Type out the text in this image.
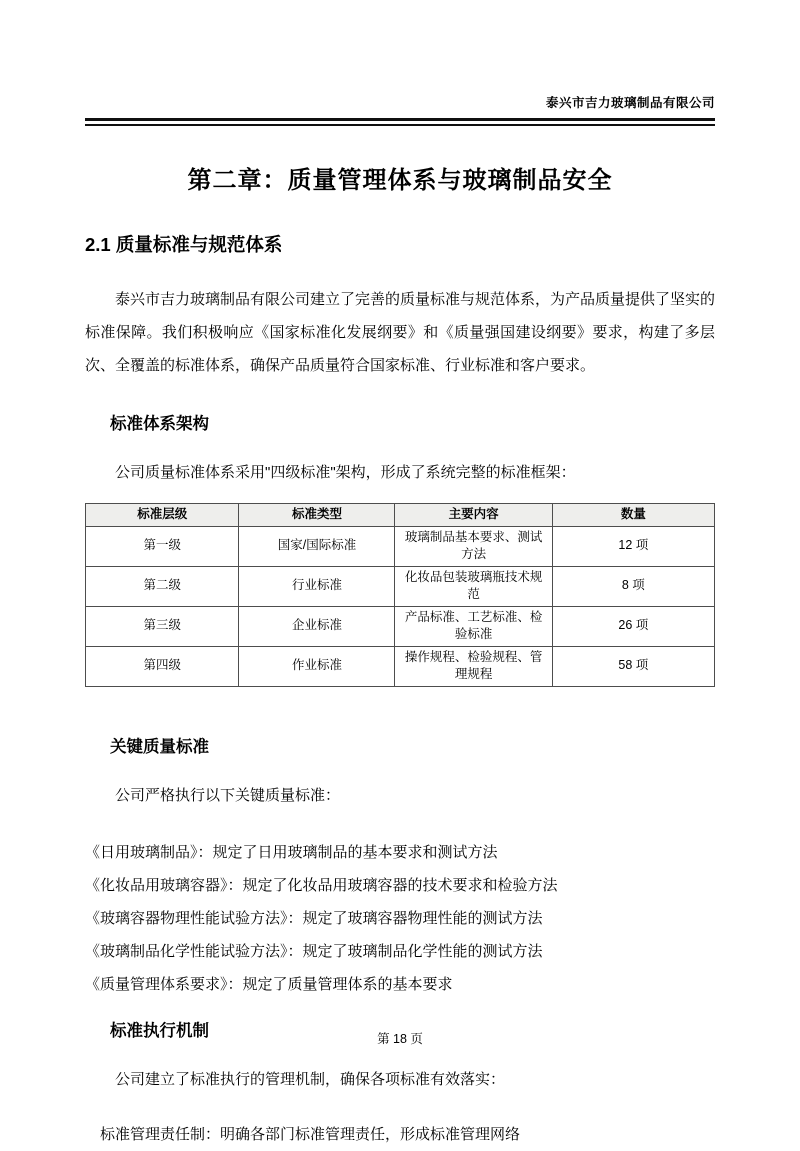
泰兴市吉力玻璃制品有限公司
第二章：质量管理体系与玻璃制品安全
2.1 质量标准与规范体系

泰兴市吉力玻璃制品有限公司建立了完善的质量标准与规范体系，为产品质量提供了坚实的标准保障。我们积极响应《国家标准化发展纲要》和《质量强国建设纲要》要求，构建了多层次、全覆盖的标准体系，确保产品质量符合国家标准、行业标准和客户要求。

标准体系架构

公司质量标准体系采用"四级标准"架构，形成了系统完整的标准框架：

标准层级	标准类型	主要内容	数量
第一级	国家/国际标准	玻璃制品基本要求、测试方法	12 项
第二级	行业标准	化妆品包装玻璃瓶技术规范	8 项
第三级	企业标准	产品标准、工艺标准、检验标准	26 项
第四级	作业标准	操作规程、检验规程、管理规程	58 项
关键质量标准

公司严格执行以下关键质量标准：

《日用玻璃制品》：规定了日用玻璃制品的基本要求和测试方法
《化妆品用玻璃容器》：规定了化妆品用玻璃容器的技术要求和检验方法
《玻璃容器物理性能试验方法》：规定了玻璃容器物理性能的测试方法
《玻璃制品化学性能试验方法》：规定了玻璃制品化学性能的测试方法
《质量管理体系要求》：规定了质量管理体系的基本要求
标准执行机制

公司建立了标准执行的管理机制，确保各项标准有效落实：

标准管理责任制：明确各部门标准管理责任，形成标准管理网络
第 18 页
